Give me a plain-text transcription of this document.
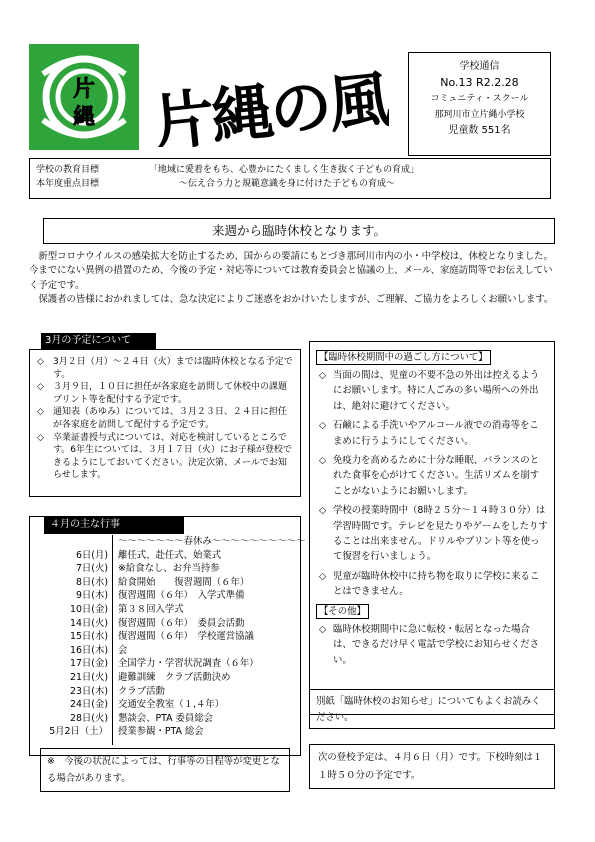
片
縄 片縄の風	学校通信
No.13 R2.2.28
コミュニティ・スクール
那珂川市立片縄小学校
児童数 551名
学校の教育目標	「地域に愛着をもち、心豊かにたくましく生き抜く子どもの育成」
本年度重点目標	～伝え合う力と規範意識を身に付けた子どもの育成～
来週から臨時休校となります。

新型コロナウイルスの感染拡大を防止するため、国からの要請にもとづき那珂川市内の小・中学校は、休校となりました。今までにない異例の措置のため、今後の予定・対応等については教育委員会と協議の上、メール、家庭訪問等でお伝えしていく予定です。

保護者の皆様におかれましては、急な決定によりご迷惑をおかけいたしますが、ご理解、ご協力をよろしくお願いします。

◇	3月２日（月）～２４日（火）までは臨時休校となる予定です。
◇	３月９日，１０日に担任が各家庭を訪問して休校中の課題プリント等を配付する予定です。
◇	通知表（あゆみ）については、３月２３日、２４日に担任が各家庭を訪問して配付する予定です。
◇	卒業証書授与式については、対応を検討しているところです。6年生については、３月１７日（火）にお子様が登校できるようにしておいてください。決定次第、メールでお知らせします。
3月の予定について
４月の主な行事
～～～～～～～春休み～～～～～～～～～～
6日(月)	離任式、赴任式、始業式
7日(火)	※給食なし、お弁当持参
8日(水)	給食開始　　復習週間（６年）
9日(木)	復習週間（６年）　入学式準備
10日(金)	第３８回入学式
14日(火)	復習週間（６年）　委員会活動
15日(水)	復習週間（６年）　学校運営協議
16日(木)	会
17日(金)	全国学力・学習状況調査（６年）
21日(火)	避難訓練　クラブ活動決め
23日(木)	クラブ活動
24日(金)	交通安全教室（１,４年）
28日(火)	懇談会、PTA 委員総会
5月2日（土）	授業参観・PTA 総会
※　今後の状況によっては、行事等の日程等が変更となる場合があります。
【臨時休校期間中の過ごし方について】
◇ 当面の間は、児童の不要不急の外出は控えるようにお願いします。特に人ごみの多い場所への外出は、絶対に避けてください。
◇ 石鹸による手洗いやアルコール液での消毒等をこまめに行うようにしてください。
◇ 免疫力を高めるために十分な睡眠、バランスのとれた食事を心がけてください。生活リズムを崩すことがないようにお願いします。
◇ 学校の授業時間中（8時２５分～１４時３０分）は学習時間です。テレビを見たりやゲームをしたりすることは出来ません。ドリルやプリント等を使って復習を行いましょう。
◇ 児童が臨時休校中に持ち物を取りに学校に来ることはできません。
【その他】
◇ 臨時休校期間中に急に転校・転居となった場合は、できるだけ早く電話で学校にお知らせください。
別紙「臨時休校のお知らせ」についてもよくお読みください。
次の登校予定は、４月６日（月）です。下校時刻は１１時５０分の予定です。
